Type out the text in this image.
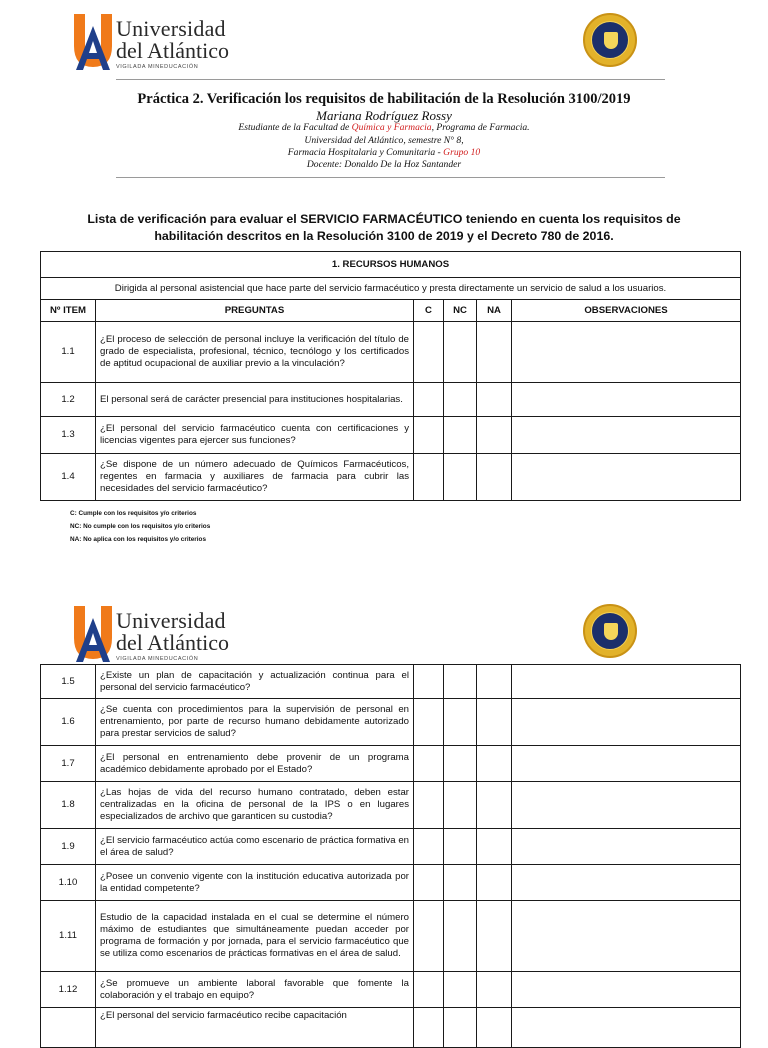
Universidad
del Atlántico
VIGILADA MINEDUCACIÓN
Práctica 2. Verificación los requisitos de habilitación de la Resolución 3100/2019
Mariana Rodríguez Rossy
Estudiante de la Facultad de Química y Farmacia, Programa de Farmacia.
Universidad del Atlántico, semestre N° 8,
Farmacia Hospitalaria y Comunitaria - Grupo 10
Docente: Donaldo De la Hoz Santander
Lista de verificación para evaluar el SERVICIO FARMACÉUTICO teniendo en cuenta los requisitos de habilitación descritos en la Resolución 3100 de 2019 y el Decreto 780 de 2016.
1. RECURSOS HUMANOS					
Dirigida al personal asistencial que hace parte del servicio farmacéutico y presta directamente un servicio de salud a los usuarios.					
Nº ITEM	PREGUNTAS	C	NC	NA	OBSERVACIONES
1.1	¿El proceso de selección de personal incluye la verificación del título de grado de especialista, profesional, técnico, tecnólogo y los certificados de aptitud ocupacional de auxiliar previo a la vinculación?				
1.2	El personal será de carácter presencial para instituciones hospitalarias.				
1.3	¿El personal del servicio farmacéutico cuenta con certificaciones y licencias vigentes para ejercer sus funciones?				
1.4	¿Se dispone de un número adecuado de Químicos Farmacéuticos, regentes en farmacia y auxiliares de farmacia para cubrir las necesidades del servicio farmacéutico?				
C: Cumple con los requisitos y/o criterios
NC: No cumple con los requisitos y/o criterios
NA: No aplica con los requisitos y/o criterios
Universidad
del Atlántico
VIGILADA MINEDUCACIÓN
1.5	¿Existe un plan de capacitación y actualización continua para el personal del servicio farmacéutico?				
1.6	¿Se cuenta con procedimientos para la supervisión de personal en entrenamiento, por parte de recurso humano debidamente autorizado para prestar servicios de salud?				
1.7	¿El personal en entrenamiento debe provenir de un programa académico debidamente aprobado por el Estado?				
1.8	¿Las hojas de vida del recurso humano contratado, deben estar centralizadas en la oficina de personal de la IPS o en lugares especializados de archivo que garanticen su custodia?				
1.9	¿El servicio farmacéutico actúa como escenario de práctica formativa en el área de salud?				
1.10	¿Posee un convenio vigente con la institución educativa autorizada por la entidad competente?				
1.11	Estudio de la capacidad instalada en el cual se determine el número máximo de estudiantes que simultáneamente puedan acceder por programa de formación y por jornada, para el servicio farmacéutico que se utiliza como escenarios de prácticas formativas en el área de salud.				
1.12	¿Se promueve un ambiente laboral favorable que fomente la colaboración y el trabajo en equipo?				
	¿El personal del servicio farmacéutico recibe capacitación				
